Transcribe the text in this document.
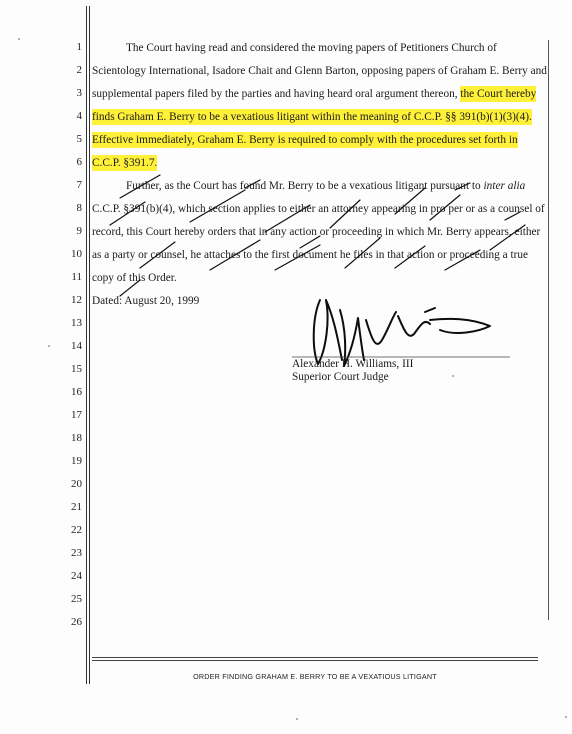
1
2
3
4
5
6
7
8
9
10
11
12
13
14
15
16
17
18
19
20
21
22
23
24
25
26
The Court having read and considered the moving papers of Petitioners Church of
Scientology International, Isadore Chait and Glenn Barton, opposing papers of Graham E. Berry and
supplemental papers filed by the parties and having heard oral argument thereon, the Court hereby
finds Graham E. Berry to be a vexatious litigant within the meaning of C.C.P. §§ 391(b)(1)(3)(4).
Effective immediately, Graham E. Berry is required to comply with the procedures set forth in
C.C.P. §391.7.
Further, as the Court has found Mr. Berry to be a vexatious litigant pursuant to inter alia
C.C.P. §391(b)(4), which section applies to either an attorney appearing in pro per or as a counsel of
record, this Court hereby orders that in any action or proceeding in which Mr. Berry appears, either
as a party or counsel, he attaches to the first document he files in that action or proceeding a true
copy of this Order.
Dated: August 20, 1999
Alexander H. Williams, III
Superior Court Judge
ORDER FINDING GRAHAM E. BERRY TO BE A VEXATIOUS LITIGANT
